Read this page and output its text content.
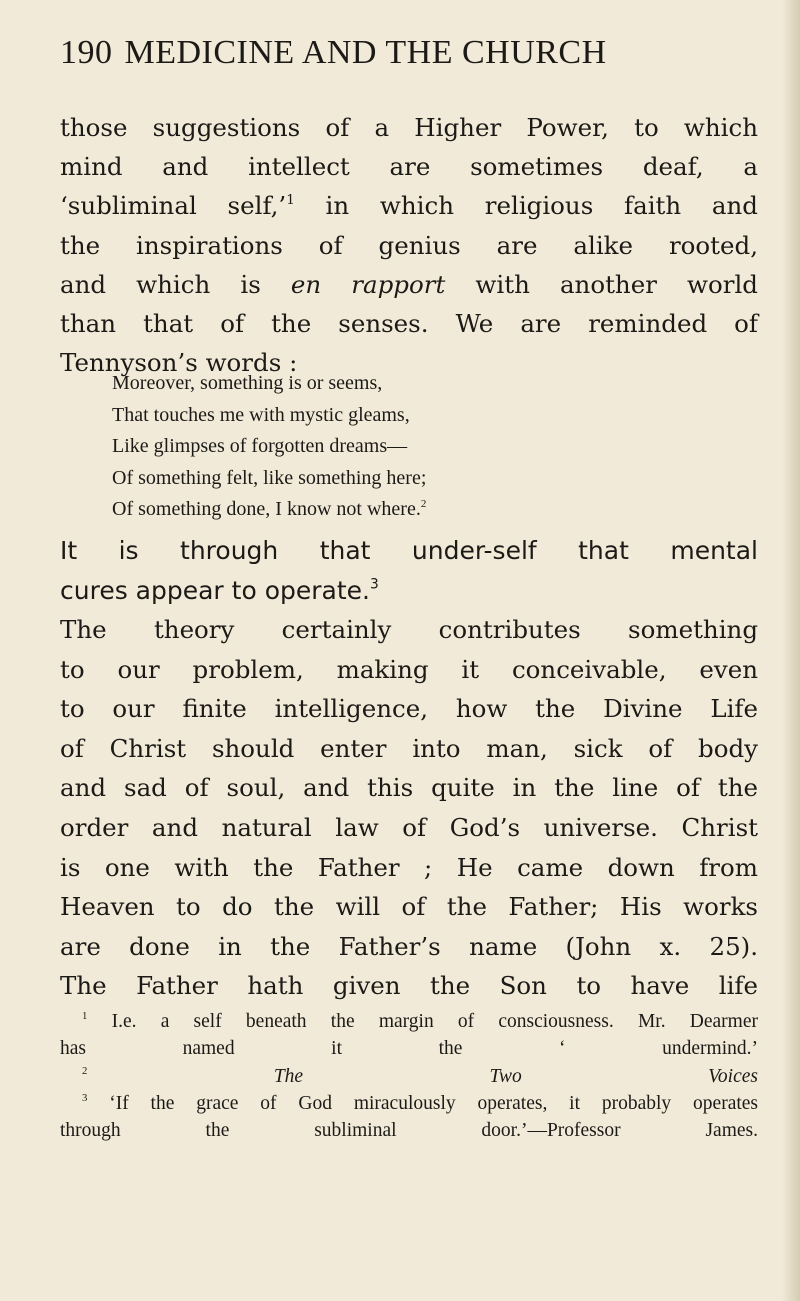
190 MEDICINE AND THE CHURCH
those suggestions of a Higher Power, to which
mind and intellect are sometimes deaf, a
‘subliminal self,’$^1$ in which religious faith and
the inspirations of genius are alike rooted,
and which is en rapport with another world
than that of the senses. We are reminded of
Tennyson’s words :
Moreover, something is or seems,
That touches me with mystic gleams,
Like glimpses of forgotten dreams—
Of something felt, like something here;
Of something done, I know not where.$^2$
It is through that under-self that mental
cures appear to operate.$^3$
The theory certainly contributes something
to our problem, making it conceivable, even
to our finite intelligence, how the Divine Life
of Christ should enter into man, sick of body
and sad of soul, and this quite in the line of the
order and natural law of God’s universe. Christ
is one with the Father ; He came down from
Heaven to do the will of the Father; His works
are done in the Father’s name (John x. 25).
The Father hath given the Son to have life
$^1$ I.e. a self beneath the margin of consciousness. Mr. Dearmer
has named it the ‘ undermind.’
$^2$	The Two Voices
$^3$ ‘If the grace of God miraculously operates, it probably operates
through the subliminal door.’—Professor James.
